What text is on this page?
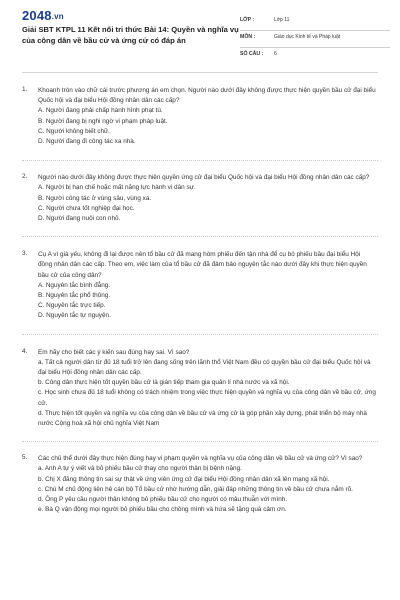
2048.vn
Giải SBT KTPL 11 Kết nối tri thức Bài 14: Quyền và nghĩa vụ của công dân về bầu cử và ứng cử có đáp án
LỚP :	Lớp 11
MÔN :	Giáo dục Kinh tế và Pháp luật
SỐ CÂU :	6
1. Khoanh tròn vào chữ cái trước phương án em chọn. Người nào dưới đây không được thực hiện quyền bầu cử đại biểu Quốc hội và đại biểu Hội đồng nhân dân các cấp?
A. Người đang phải chấp hành hình phạt tù.
B. Người đang bị nghi ngờ vi phạm pháp luật.
C. Người không biết chữ.
D. Người đang đi công tác xa nhà.
2. Người nào dưới đây không được thực hiện quyền ứng cử đại biểu Quốc hội và đại biểu Hội đồng nhân dân các cấp?
A. Người bị hạn chế hoặc mất năng lực hành vi dân sự.
B. Người công tác ở vùng sâu, vùng xa.
C. Người chưa tốt nghiệp đại học.
D. Người đang nuôi con nhỏ.
3. Cụ A vì già yếu, không đi lại được nên tổ bầu cử đã mang hòm phiếu đến tận nhà để cụ bỏ phiếu bầu đại biểu Hội đồng nhân dân các cấp. Theo em, việc làm của tổ bầu cử đã đảm bảo nguyên tắc nào dưới đây khi thực hiện quyền bầu cử của công dân?
A. Nguyên tắc bình đẳng.
B. Nguyên tắc phổ thông.
C. Nguyên tắc trực tiếp.
D. Nguyên tắc tự nguyện.
4. Em hãy cho biết các ý kiến sau đúng hay sai. Vì sao?
a. Tất cả người dân từ đủ 18 tuổi trở lên đang sống trên lãnh thổ Việt Nam đều có quyền bầu cử đại biểu Quốc hội và đại biểu Hội đồng nhân dân các cấp.
b. Công dân thực hiện tốt quyền bầu cử là gián tiếp tham gia quản lí nhà nước và xã hội.
c. Học sinh chưa đủ 18 tuổi không có trách nhiệm trong việc thực hiện quyền và nghĩa vụ của công dân về bầu cử, ứng cử.
d. Thực hiện tốt quyền và nghĩa vụ của công dân về bầu cử và ứng cử là góp phần xây dựng, phát triển bộ máy nhà nước Cộng hoà xã hội chủ nghĩa Việt Nam
5. Các chủ thể dưới đây thực hiện đúng hay vi phạm quyền và nghĩa vụ của công dân về bầu cử và ứng cử? Vì sao?
a. Anh A tự ý viết và bỏ phiếu bầu cử thay cho người thân bị bệnh nặng.
b. Chị X đăng thông tin sai sự thật về ứng viên ứng cử đại biểu Hội đồng nhân dân xã lên mạng xã hội.
c. Chú M chủ động liên hệ cán bộ Tổ bầu cử nhờ hướng dẫn, giải đáp những thông tin về bầu cử chưa nắm rõ.
d. Ông P yêu cầu người thân không bỏ phiếu bầu cử cho người có mâu thuẫn với mình.
e. Bà Q vận động mọi người bỏ phiếu bầu cho chồng mình và hứa sẽ tặng quà cảm ơn.
